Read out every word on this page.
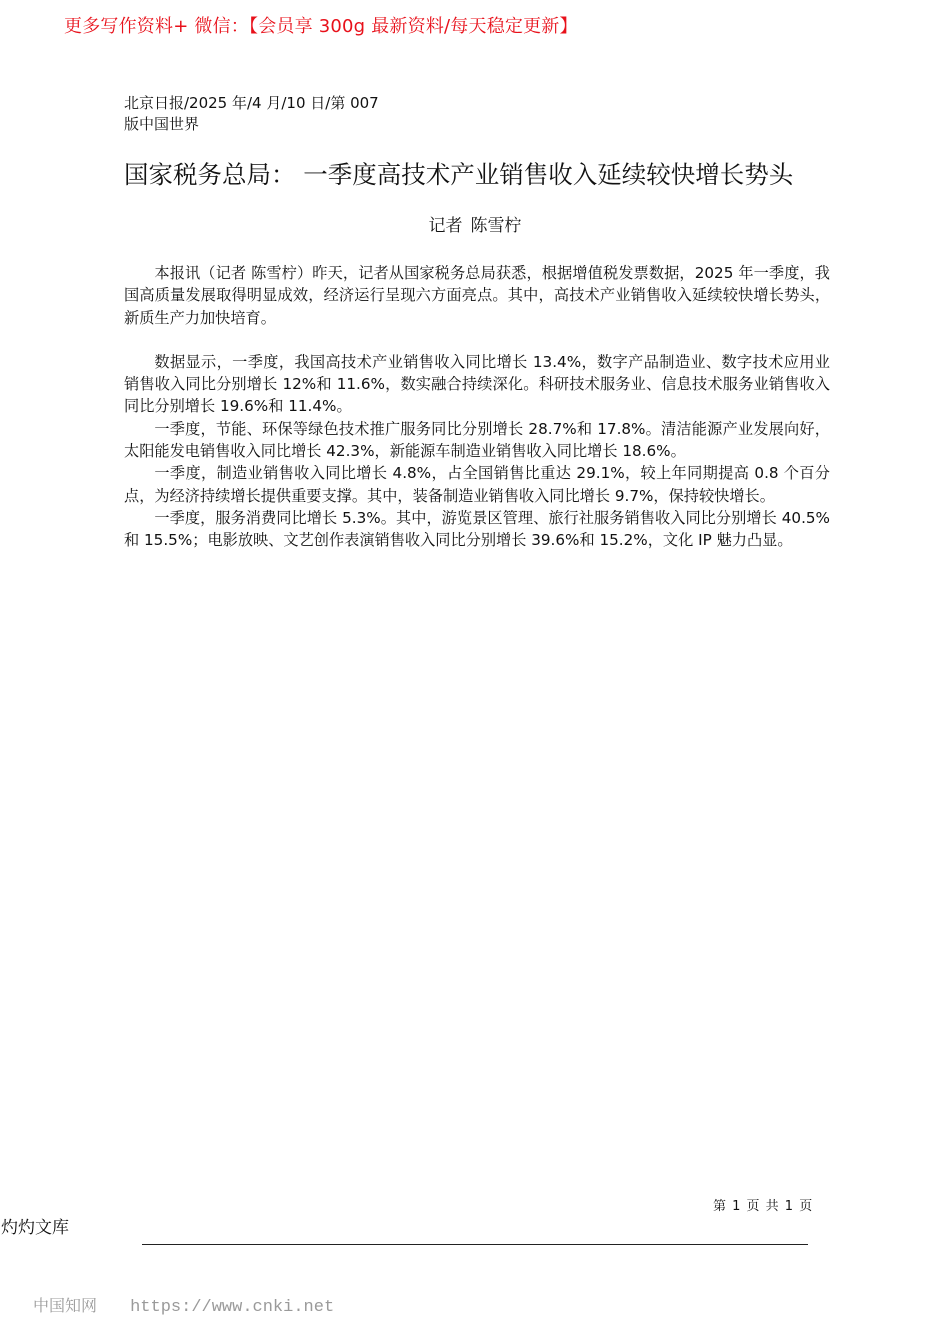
更多写作资料+ 微信：【会员享 300g 最新资料/每天稳定更新】
北京日报/2025 年/4 月/10 日/第 007
版中国世界
国家税务总局： 一季度高技术产业销售收入延续较快增长势头
记者 陈雪柠

本报讯（记者 陈雪柠）昨天，记者从国家税务总局获悉，根据增值税发票数据，2025 年一季度，我国高质量发展取得明显成效，经济运行呈现六方面亮点。其中，高技术产业销售收入延续较快增长势头，新质生产力加快培育。

数据显示，一季度，我国高技术产业销售收入同比增长 13.4%，数字产品制造业、数字技术应用业销售收入同比分别增长 12%和 11.6%，数实融合持续深化。科研技术服务业、信息技术服务业销售收入同比分别增长 19.6%和 11.4%。

一季度，节能、环保等绿色技术推广服务同比分别增长 28.7%和 17.8%。清洁能源产业发展向好，太阳能发电销售收入同比增长 42.3%，新能源车制造业销售收入同比增长 18.6%。

一季度，制造业销售收入同比增长 4.8%，占全国销售比重达 29.1%，较上年同期提高 0.8 个百分点，为经济持续增长提供重要支撑。其中，装备制造业销售收入同比增长 9.7%，保持较快增长。

一季度，服务消费同比增长 5.3%。其中，游览景区管理、旅行社服务销售收入同比分别增长 40.5%和 15.5%；电影放映、文艺创作表演销售收入同比分别增长 39.6%和 15.2%，文化 IP 魅力凸显。

第 1 页 共 1 页
灼灼文库
中国知网 https://www.cnki.net
